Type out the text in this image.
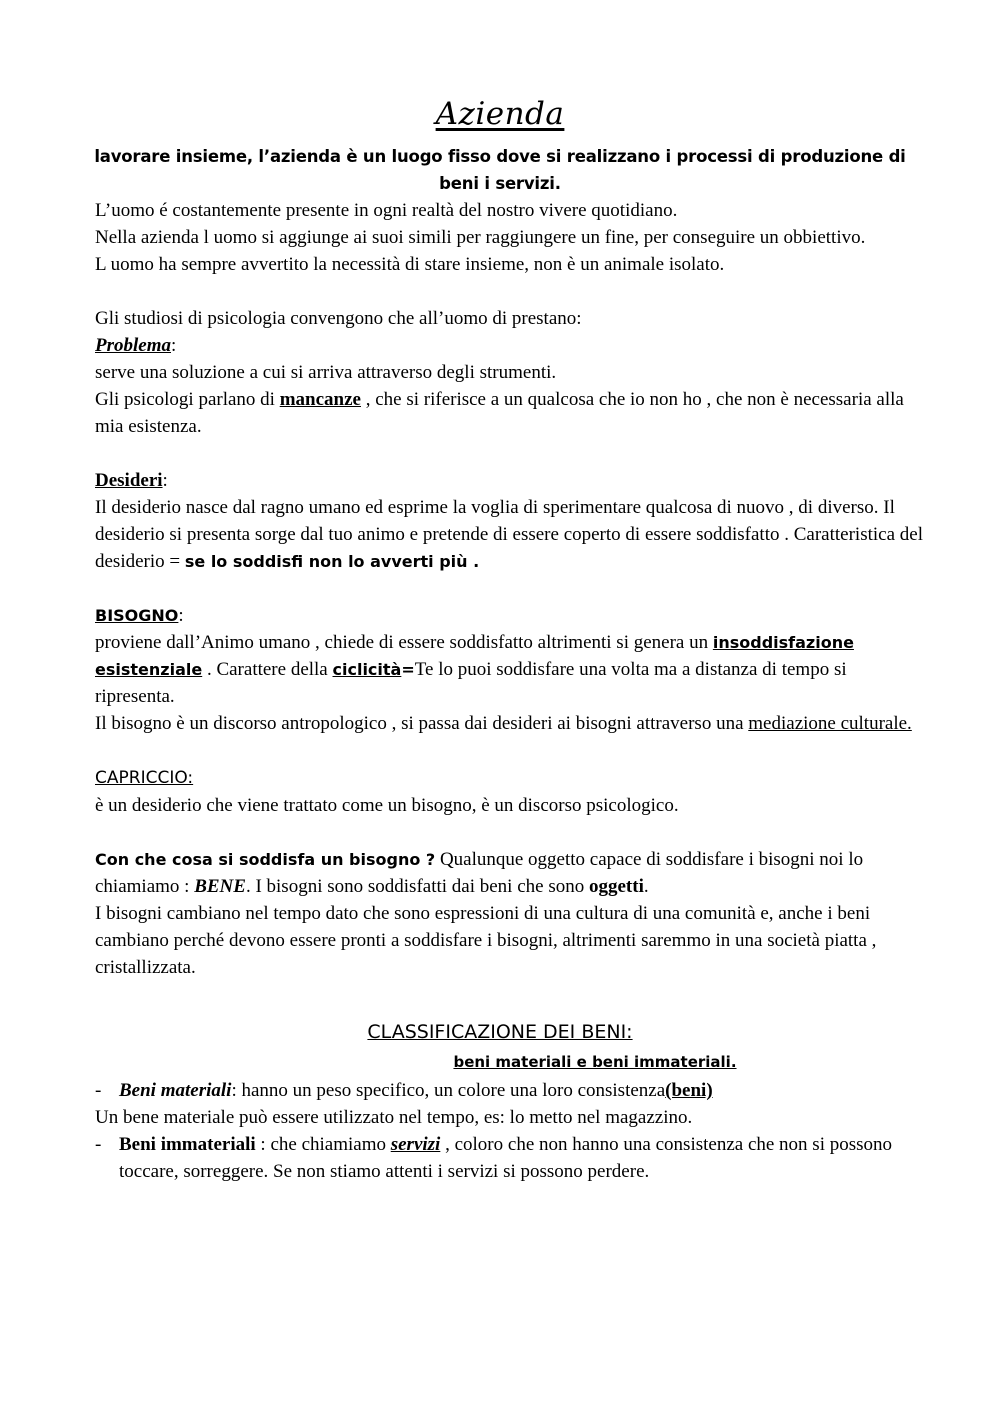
Azienda

lavorare insieme, l’azienda è un luogo fisso dove si realizzano i processi di produzione di beni i servizi.

L’uomo é costantemente presente in ogni realtà del nostro vivere quotidiano.

Nella azienda l uomo si aggiunge ai suoi simili per raggiungere un fine, per conseguire un obbiettivo.

L uomo ha sempre avvertito la necessità di stare insieme, non è un animale isolato.

Gli studiosi di psicologia convengono che all’uomo di prestano:

Problema:

serve una soluzione a cui si arriva attraverso degli strumenti.

Gli psicologi parlano di mancanze , che si riferisce a un qualcosa che io non ho , che non è necessaria alla mia esistenza.

Desideri:

Il desiderio nasce dal ragno umano ed esprime la voglia di sperimentare qualcosa di nuovo , di diverso. Il desiderio si presenta sorge dal tuo animo e pretende di essere coperto di essere soddisfatto . Caratteristica del desiderio = se lo soddisfi non lo avverti più .

BISOGNO:

proviene dall’Animo umano , chiede di essere soddisfatto altrimenti si genera un insoddisfazione esistenziale . Carattere della ciclicità=Te lo puoi soddisfare una volta ma a distanza di tempo si ripresenta.

Il bisogno è un discorso antropologico , si passa dai desideri ai bisogni attraverso una mediazione culturale.

CAPRICCIO:

è un desiderio che viene trattato come un bisogno, è un discorso psicologico.

Con che cosa si soddisfa un bisogno ? Qualunque oggetto capace di soddisfare i bisogni noi lo chiamiamo : BENE. I bisogni sono soddisfatti dai beni che sono oggetti.

I bisogni cambiano nel tempo dato che sono espressioni di una cultura di una comunità e, anche i beni cambiano perché devono essere pronti a soddisfare i bisogni, altrimenti saremmo in una società piatta , cristallizzata.

CLASSIFICAZIONE DEI BENI:

beni materiali e beni immateriali.

- Beni materiali: hanno un peso specifico, un colore una loro consistenza(beni)

Un bene materiale può essere utilizzato nel tempo, es: lo metto nel magazzino.

- Beni immateriali : che chiamiamo servizi , coloro che non hanno una consistenza che non si possono toccare, sorreggere. Se non stiamo attenti i servizi si possono perdere.
